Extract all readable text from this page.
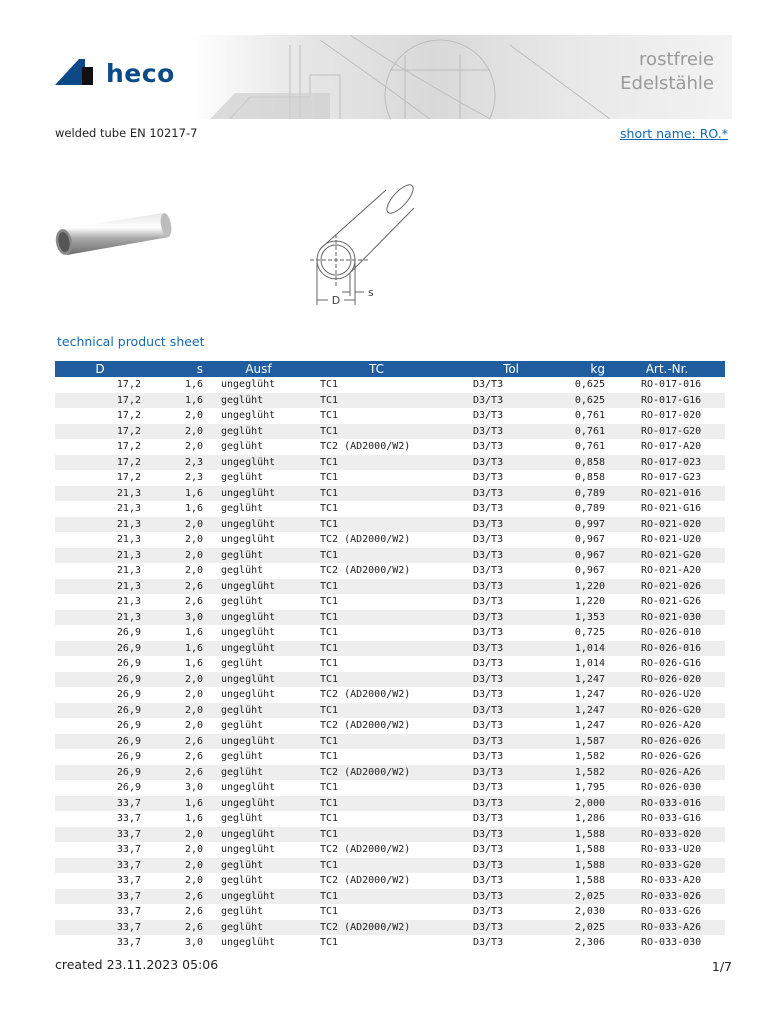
rostfreie
Edelstähle
heco
welded tube EN 10217-7	short name: RO.*
D
s
technical product sheet
D	s	Ausf	TC	Tol	kg	Art.-Nr.
17,2	1,6	ungeglüht	TC1	D3/T3	0,625	RO-017-016
17,2	1,6	geglüht	TC1	D3/T3	0,625	RO-017-G16
17,2	2,0	ungeglüht	TC1	D3/T3	0,761	RO-017-020
17,2	2,0	geglüht	TC1	D3/T3	0,761	RO-017-G20
17,2	2,0	geglüht	TC2 (AD2000/W2)	D3/T3	0,761	RO-017-A20
17,2	2,3	ungeglüht	TC1	D3/T3	0,858	RO-017-023
17,2	2,3	geglüht	TC1	D3/T3	0,858	RO-017-G23
21,3	1,6	ungeglüht	TC1	D3/T3	0,789	RO-021-016
21,3	1,6	geglüht	TC1	D3/T3	0,789	RO-021-G16
21,3	2,0	ungeglüht	TC1	D3/T3	0,997	RO-021-020
21,3	2,0	ungeglüht	TC2 (AD2000/W2)	D3/T3	0,967	RO-021-U20
21,3	2,0	geglüht	TC1	D3/T3	0,967	RO-021-G20
21,3	2,0	geglüht	TC2 (AD2000/W2)	D3/T3	0,967	RO-021-A20
21,3	2,6	ungeglüht	TC1	D3/T3	1,220	RO-021-026
21,3	2,6	geglüht	TC1	D3/T3	1,220	RO-021-G26
21,3	3,0	ungeglüht	TC1	D3/T3	1,353	RO-021-030
26,9	1,6	ungeglüht	TC1	D3/T3	0,725	RO-026-010
26,9	1,6	ungeglüht	TC1	D3/T3	1,014	RO-026-016
26,9	1,6	geglüht	TC1	D3/T3	1,014	RO-026-G16
26,9	2,0	ungeglüht	TC1	D3/T3	1,247	RO-026-020
26,9	2,0	ungeglüht	TC2 (AD2000/W2)	D3/T3	1,247	RO-026-U20
26,9	2,0	geglüht	TC1	D3/T3	1,247	RO-026-G20
26,9	2,0	geglüht	TC2 (AD2000/W2)	D3/T3	1,247	RO-026-A20
26,9	2,6	ungeglüht	TC1	D3/T3	1,587	RO-026-026
26,9	2,6	geglüht	TC1	D3/T3	1,582	RO-026-G26
26,9	2,6	geglüht	TC2 (AD2000/W2)	D3/T3	1,582	RO-026-A26
26,9	3,0	ungeglüht	TC1	D3/T3	1,795	RO-026-030
33,7	1,6	ungeglüht	TC1	D3/T3	2,000	RO-033-016
33,7	1,6	geglüht	TC1	D3/T3	1,286	RO-033-G16
33,7	2,0	ungeglüht	TC1	D3/T3	1,588	RO-033-020
33,7	2,0	ungeglüht	TC2 (AD2000/W2)	D3/T3	1,588	RO-033-U20
33,7	2,0	geglüht	TC1	D3/T3	1,588	RO-033-G20
33,7	2,0	geglüht	TC2 (AD2000/W2)	D3/T3	1,588	RO-033-A20
33,7	2,6	ungeglüht	TC1	D3/T3	2,025	RO-033-026
33,7	2,6	geglüht	TC1	D3/T3	2,030	RO-033-G26
33,7	2,6	geglüht	TC2 (AD2000/W2)	D3/T3	2,025	RO-033-A26
33,7	3,0	ungeglüht	TC1	D3/T3	2,306	RO-033-030
created 23.11.2023 05:06	1/7
